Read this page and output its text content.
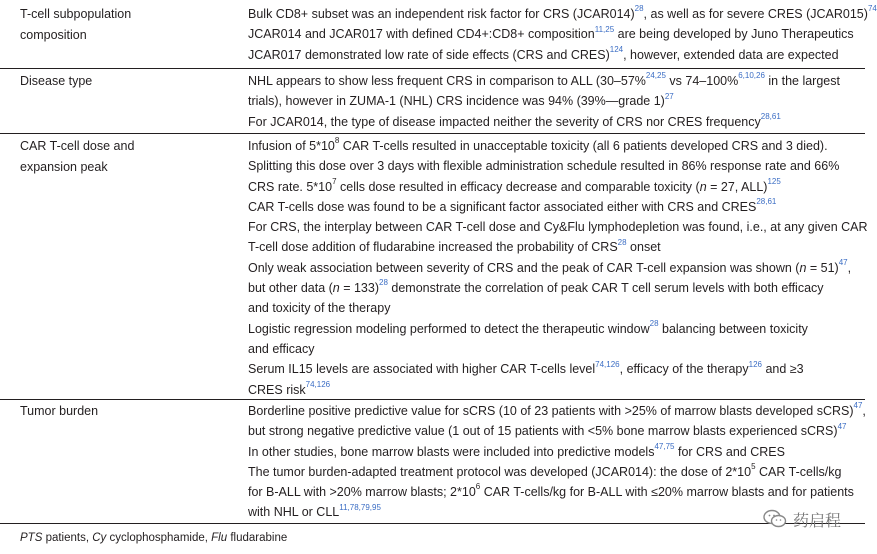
T-cell subpopulation
composition
Bulk CD8+ subset was an independent risk factor for CRS (JCAR014)$^{28}$, as well as for severe CRES (JCAR015)$^{74}$
JCAR014 and JCAR017 with defined CD4+:CD8+ composition$^{11,25}$ are being developed by Juno Therapeutics
JCAR017 demonstrated low rate of side effects (CRS and CRES)$^{124}$, however, extended data are expected
Disease type	NHL appears to show less frequent CRS in comparison to ALL (30–57%$^{24,25}$ vs 74–100%$^{6,10,26}$ in the largest
trials), however in ZUMA-1 (NHL) CRS incidence was 94% (39%—grade 1)$^{27}$
For JCAR014, the type of disease impacted neither the severity of CRS nor CRES frequency$^{28,61}$
CAR T-cell dose and
expansion peak
Infusion of $5*10^8$ CAR T-cells resulted in unacceptable toxicity (all 6 patients developed CRS and 3 died).
Splitting this dose over 3 days with flexible administration schedule resulted in 86% response rate and 66%
CRS rate. $5*10^7$ cells dose resulted in efficacy decrease and comparable toxicity (n = 27, ALL)$^{125}$
CAR T-cells dose was found to be a significant factor associated either with CRS and CRES$^{28,61}$
For CRS, the interplay between CAR T-cell dose and Cy&Flu lymphodepletion was found, i.e., at any given CAR
T-cell dose addition of fludarabine increased the probability of CRS$^{28}$ onset
Only weak association between severity of CRS and the peak of CAR T-cell expansion was shown (n = 51)$^{47}$,
but other data (n = 133)$^{28}$ demonstrate the correlation of peak CAR T cell serum levels with both efficacy
and toxicity of the therapy
Logistic regression modeling performed to detect the therapeutic window$^{28}$ balancing between toxicity
and efficacy
Serum IL15 levels are associated with higher CAR T-cells level$^{74,126}$, efficacy of the therapy$^{126}$ and ≥3
CRES risk$^{74,126}$
Tumor burden	Borderline positive predictive value for sCRS (10 of 23 patients with >25% of marrow blasts developed sCRS)$^{47}$,
but strong negative predictive value (1 out of 15 patients with <5% bone marrow blasts experienced sCRS)$^{47}$
In other studies, bone marrow blasts were included into predictive models$^{47,75}$ for CRS and CRES
The tumor burden-adapted treatment protocol was developed (JCAR014): the dose of $2*10^5$ CAR T-cells/kg
for B-ALL with >20% marrow blasts; $2*10^6$ CAR T-cells/kg for B-ALL with ≤20% marrow blasts and for patients
with NHL or CLL$^{11,78,79,95}$
PTS patients, Cy cyclophosphamide, Flu fludarabine
药启程
